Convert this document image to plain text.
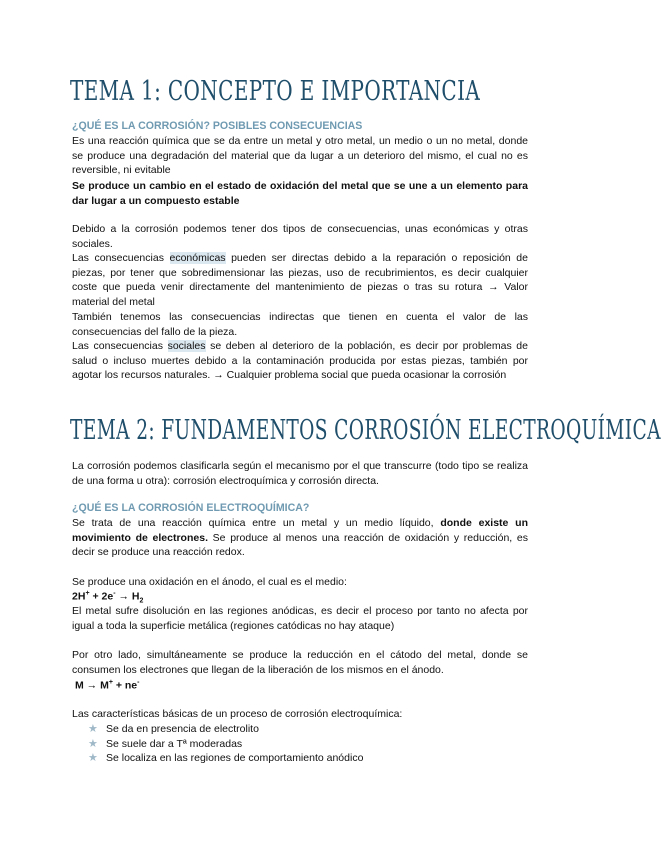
TEMA 1: CONCEPTO E IMPORTANCIA
¿QUÉ ES LA CORROSIÓN? POSIBLES CONSECUENCIAS
Es una reacción química que se da entre un metal y otro metal, un medio o un no metal, donde se produce una degradación del material que da lugar a un deterioro del mismo, el cual no es reversible, ni evitable
Se produce un cambio en el estado de oxidación del metal que se une a un elemento para dar lugar a un compuesto estable
Debido a la corrosión podemos tener dos tipos de consecuencias, unas económicas y otras sociales.
Las consecuencias económicas pueden ser directas debido a la reparación o reposición de piezas, por tener que sobredimensionar las piezas, uso de recubrimientos, es decir cualquier coste que pueda venir directamente del mantenimiento de piezas o tras su rotura → Valor material del metal
También tenemos las consecuencias indirectas que tienen en cuenta el valor de las consecuencias del fallo de la pieza.
Las consecuencias sociales se deben al deterioro de la población, es decir por problemas de salud o incluso muertes debido a la contaminación producida por estas piezas, también por agotar los recursos naturales. → Cualquier problema social que pueda ocasionar la corrosión
TEMA 2: FUNDAMENTOS CORROSIÓN ELECTROQUÍMICA
La corrosión podemos clasificarla según el mecanismo por el que transcurre (todo tipo se realiza de una forma u otra): corrosión electroquímica y corrosión directa.
¿QUÉ ES LA CORROSIÓN ELECTROQUÍMICA?
Se trata de una reacción química entre un metal y un medio líquido, donde existe un movimiento de electrones. Se produce al menos una reacción de oxidación y reducción, es decir se produce una reacción redox.
Se produce una oxidación en el ánodo, el cual es el medio:
$2H^+ + 2e^- \to H_2$
El metal sufre disolución en las regiones anódicas, es decir el proceso por tanto no afecta por igual a toda la superficie metálica (regiones catódicas no hay ataque)
Por otro lado, simultáneamente se produce la reducción en el cátodo del metal, donde se consumen los electrones que llegan de la liberación de los mismos en el ánodo.
M → M+ + ne-
Las características básicas de un proceso de corrosión electroquímica:
★ Se da en presencia de electrolito
★ Se suele dar a Tª moderadas
★ Se localiza en las regiones de comportamiento anódico
